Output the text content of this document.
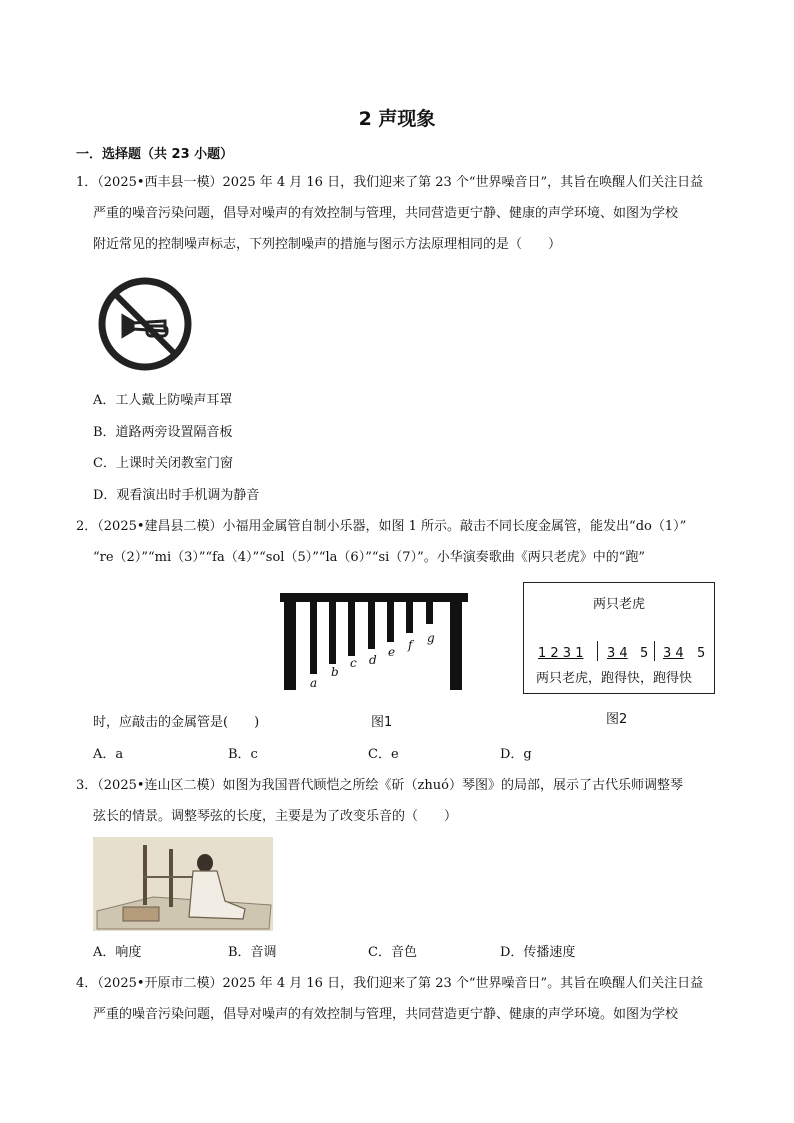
2 声现象
一．选择题（共 23 小题）
1．（2025•西丰县一模）2025 年 4 月 16 日，我们迎来了第 23 个“世界噪音日”，其旨在唤醒人们关注日益
严重的噪音污染问题，倡导对噪声的有效控制与管理，共同营造更宁静、健康的声学环境、如图为学校
附近常见的控制噪声标志，下列控制噪声的措施与图示方法原理相同的是（　　）
A．工人戴上防噪声耳罩
B．道路两旁设置隔音板
C．上课时关闭教室门窗
D．观看演出时手机调为静音
2．（2025•建昌县二模）小福用金属管自制小乐器，如图 1 所示。敲击不同长度金属管，能发出“do（1）”
“re（2）”“mi（3）”“fa（4）”“sol（5）”“la（6）”“si（7）”。小华演奏歌曲《两只老虎》中的“跑”
a
b
c d
e f g
图1
两只老虎
1 2 3 1 3 4 5 3 4 5
两只老虎，跑得快，跑得快
图2
时，应敲击的金属管是(　　)
A．a	B．c	C．e	D．g
3．（2025•连山区二模）如图为我国晋代顾恺之所绘《斫（zhuó）琴图》的局部，展示了古代乐师调整琴
弦长的情景。调整琴弦的长度，主要是为了改变乐音的（　　）
A．响度	B．音调	C．音色	D．传播速度
4．（2025•开原市二模）2025 年 4 月 16 日，我们迎来了第 23 个“世界噪音日”。其旨在唤醒人们关注日益
严重的噪音污染问题，倡导对噪声的有效控制与管理，共同营造更宁静、健康的声学环境。如图为学校
